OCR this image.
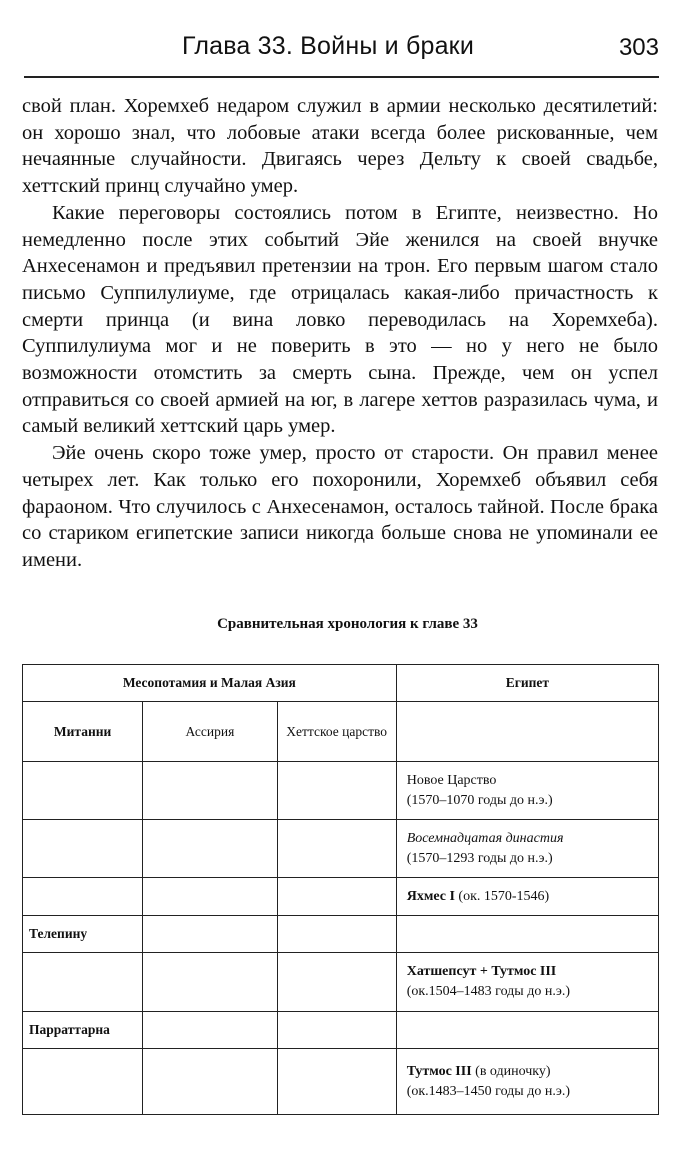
Глава 33. Войны и браки	303

свой план. Хоремхеб недаром служил в армии несколько десятилетий: он хорошо знал, что лобовые атаки всегда более рискованные, чем нечаянные случайности. Двигаясь через Дельту к своей свадьбе, хеттский принц случайно умер.

Какие переговоры состоялись потом в Египте, неизвестно. Но немедленно после этих событий Эйе женился на своей внучке Анхесенамон и предъявил претензии на трон. Его первым шагом стало письмо Суппилулиуме, где отрицалась какая-либо причастность к смерти принца (и вина ловко переводилась на Хоремхеба). Суппилулиума мог и не поверить в это — но у него не было возможности отомстить за смерть сына. Прежде, чем он успел отправиться со своей армией на юг, в лагере хеттов разразилась чума, и самый великий хеттский царь умер.

Эйе очень скоро тоже умер, просто от старости. Он правил менее четырех лет. Как только его похоронили, Хоремхеб объявил себя фараоном. Что случилось с Анхесенамон, осталось тайной. После брака со стариком египетские записи никогда больше снова не упоминали ее имени.

Сравнительная хронология к главе 33
Месопотамия и Малая Азия			Египет
Митанни	Ассирия	Хеттское царство	

			Новое Царство
(1570–1070 годы до н.э.)

			Восемнадцатая династия
(1570–1293 годы до н.э.)

			Яхмес I (ок. 1570-1546)
Телепину			

			Хатшепсут + Тутмос III
(ок.1504–1483 годы до н.э.)

Парраттарна			

			Тутмос III (в одиночку)
(ок.1483–1450 годы до н.э.)
